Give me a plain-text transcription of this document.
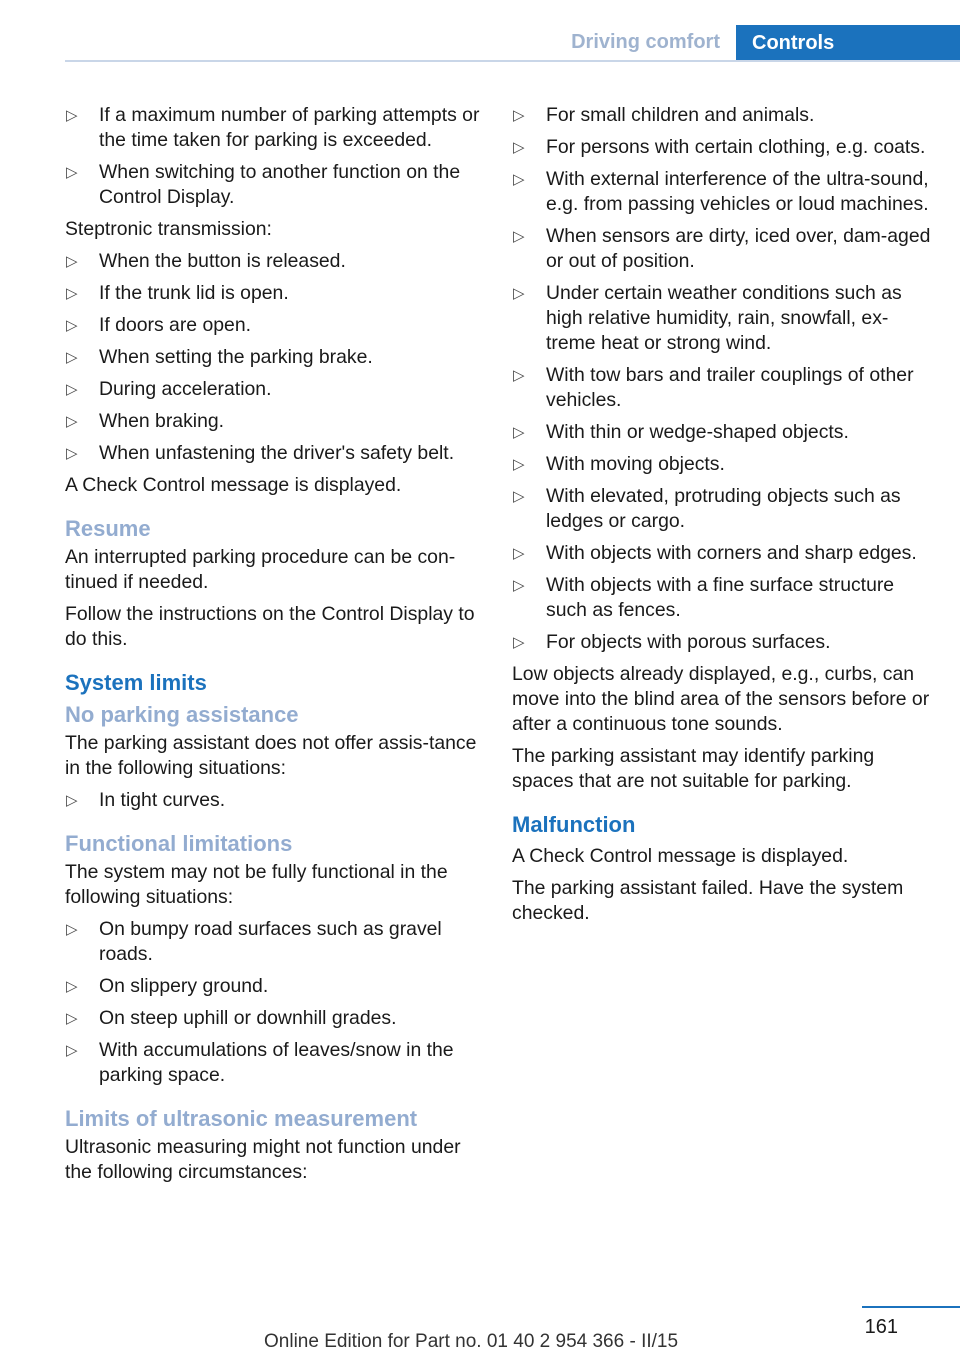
Driving comfort	Controls
▷	If a maximum number of parking attempts or the time taken for parking is exceeded.
▷	When switching to another function on the Control Display.

Steptronic transmission:

▷	When the button is released.
▷	If the trunk lid is open.
▷	If doors are open.
▷	When setting the parking brake.
▷	During acceleration.
▷	When braking.
▷	When unfastening the driver's safety belt.

A Check Control message is displayed.

Resume

An interrupted parking procedure can be con‐tinued if needed.

Follow the instructions on the Control Display to do this.

System limits
No parking assistance

The parking assistant does not offer assis‐tance in the following situations:

▷	In tight curves.
Functional limitations

The system may not be fully functional in the following situations:

▷	On bumpy road surfaces such as gravel roads.
▷	On slippery ground.
▷	On steep uphill or downhill grades.
▷	With accumulations of leaves/snow in the parking space.
Limits of ultrasonic measurement

Ultrasonic measuring might not function under the following circumstances:

▷	For small children and animals.
▷	For persons with certain clothing, e.g. coats.
▷	With external interference of the ultra‐sound, e.g. from passing vehicles or loud machines.
▷	When sensors are dirty, iced over, dam‐aged or out of position.
▷	Under certain weather conditions such as high relative humidity, rain, snowfall, ex‐treme heat or strong wind.
▷	With tow bars and trailer couplings of other vehicles.
▷	With thin or wedge-shaped objects.
▷	With moving objects.
▷	With elevated, protruding objects such as ledges or cargo.
▷	With objects with corners and sharp edges.
▷	With objects with a fine surface structure such as fences.
▷	For objects with porous surfaces.

Low objects already displayed, e.g., curbs, can move into the blind area of the sensors before or after a continuous tone sounds.

The parking assistant may identify parking spaces that are not suitable for parking.

Malfunction

A Check Control message is displayed.

The parking assistant failed. Have the system checked.

161
Online Edition for Part no. 01 40 2 954 366 - II/15
